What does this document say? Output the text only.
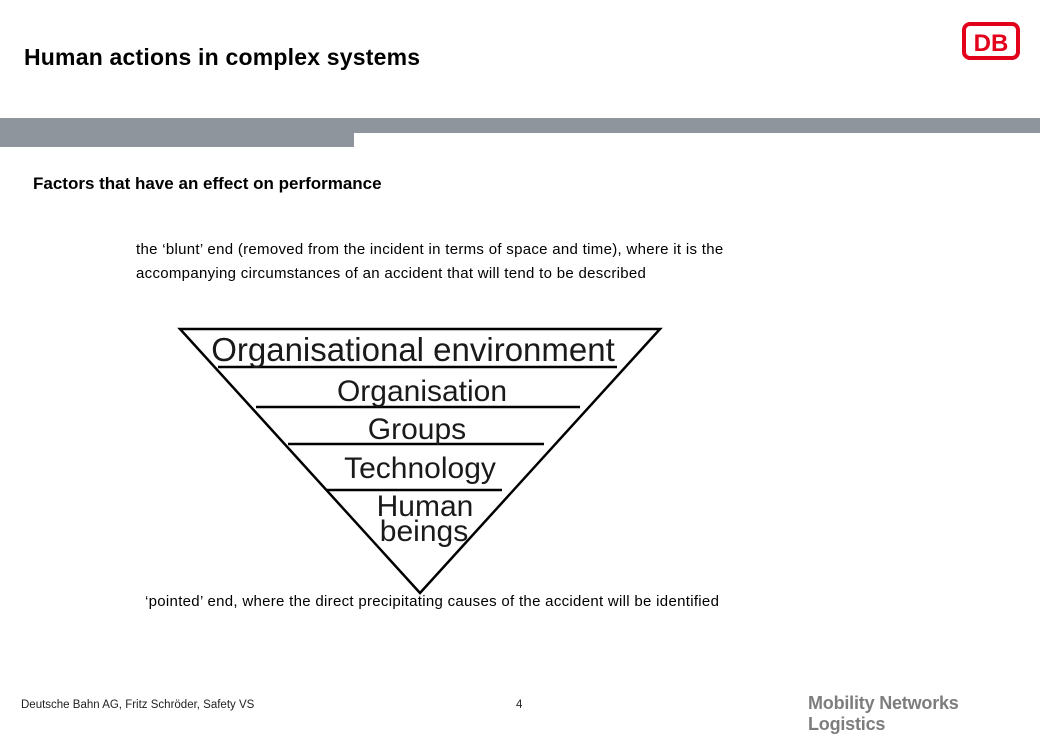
Human actions in complex systems	DB
Factors that have an effect on performance
the ‘blunt’ end (removed from the incident in terms of space and time), where it is the accompanying circumstances of an accident that will tend to be described
Organisational environment
Organisation
Groups
Technology
Human
beings
‘pointed’ end, where the direct precipitating causes of the accident will be identified
Deutsche Bahn AG, Fritz Schröder, Safety VS	4	Mobility Networks Logistics
